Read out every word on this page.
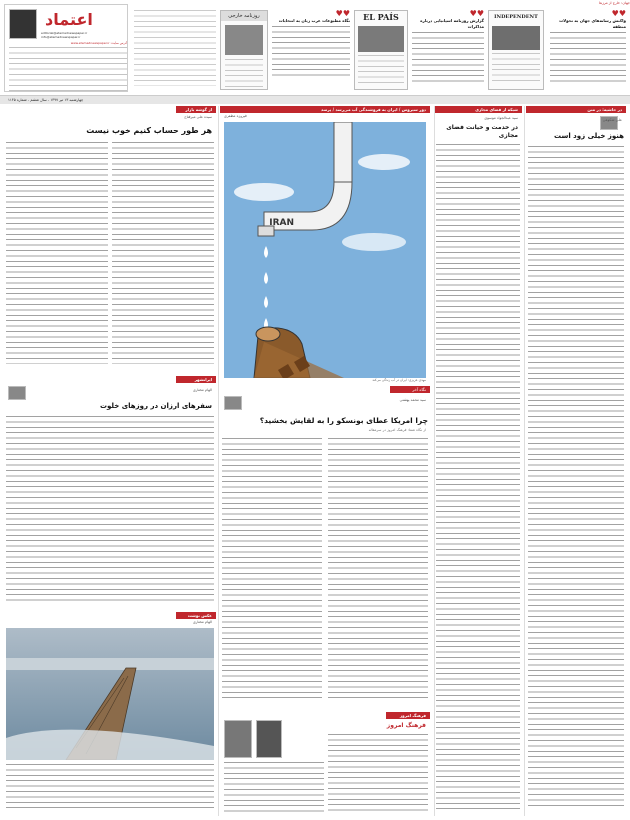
اعتماد
editorial@etemadnewspaper.ir
info@etemadnewspaper.ir
آدرس سایت: www.etemadnewspaper.ir
روزنامه خارجی	EL PAÍS	INDEPENDENT	♥♥
واکنش رسانه‌های جهان به تحولات منطقه
♥♥
گزارش روزنامه اسپانیایی درباره مذاکرات
♥♥
نگاه مطبوعات عرب زبان به انتخابات
جهان: خارج از مرزها
چهارشنبه ۱۳ تیر ۱۳۹۷ - سال ششم - شماره ۱۱۴۵
در حاشیه: در متن
علی شکوهی
هنوز خیلی زود است
شبکه از فضای مجازی
سید عبدالجواد موسوی
در خدمت و خیانت فضای مجازی
دور سیروس / ایران به فروشندگی آب می‌رسد / پرسد
فیروزه مظفری
IRAN
مهدی عزیزی: ایران در آب زندگی می‌کند
از گوشه بازار
سیده علی میرفتاح
هر طور حساب کنیم خوب نیست
ایرانشهر
الهام مختاری
سفرهای ارزان در روزهای خلوت
عکس نوشت
الهام مختاری
نگاه آخر
سید محمد بهشتی
چرا امریکا عطای بونسکو را به لقایش بخشید؟
از نگاه شما: فرهنگ امروز در سرمقاله
فرهنگ امروز
فرهنگ امروز
